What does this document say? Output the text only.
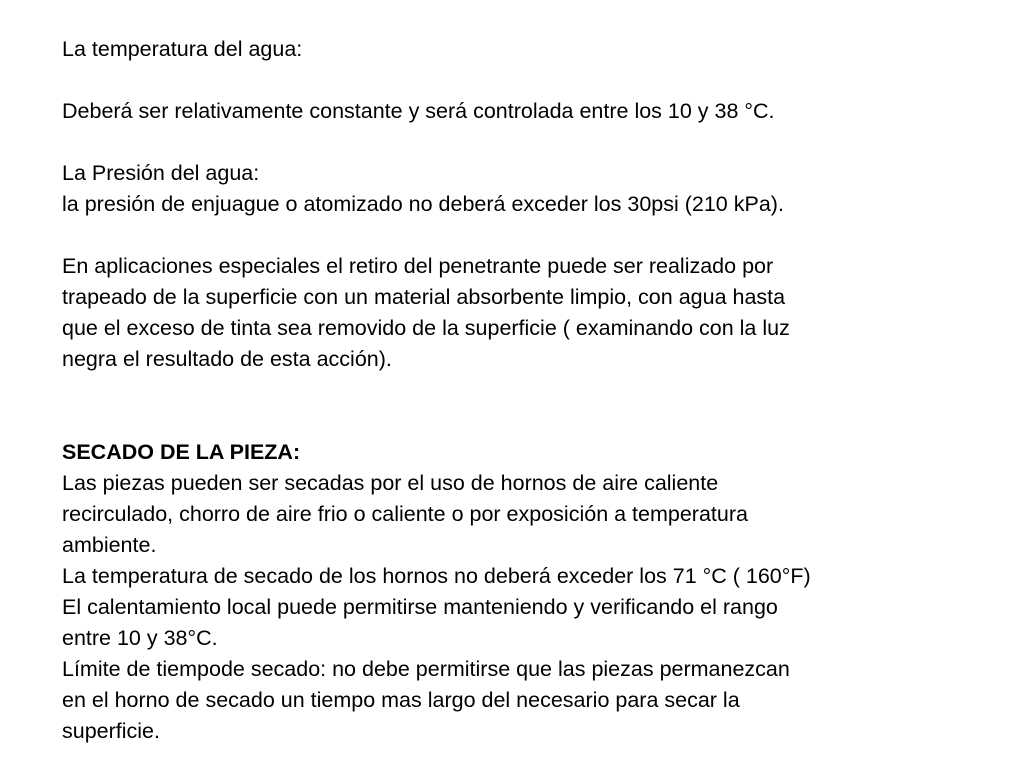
La temperatura del agua:

Deberá ser relativamente constante y será controlada entre los 10 y 38 °C.

La Presión del agua:

la presión de enjuague o atomizado no deberá exceder los 30psi (210 kPa).

En aplicaciones especiales el retiro del penetrante puede ser realizado por

trapeado de la superficie con un material absorbente limpio, con agua hasta

que el exceso de tinta sea removido de la superficie ( examinando con la luz

negra el resultado de esta acción).

SECADO DE LA PIEZA:

Las piezas pueden ser secadas por el uso de hornos de aire caliente

recirculado, chorro de aire frio o caliente o por exposición a temperatura

ambiente.

La temperatura de secado de los hornos no deberá exceder los 71 °C ( 160°F)

El calentamiento local puede permitirse manteniendo y verificando el rango

entre 10 y 38°C.

Límite de tiempode secado: no debe permitirse que las piezas permanezcan

en el horno de secado un tiempo mas largo del necesario para secar la

superficie.
